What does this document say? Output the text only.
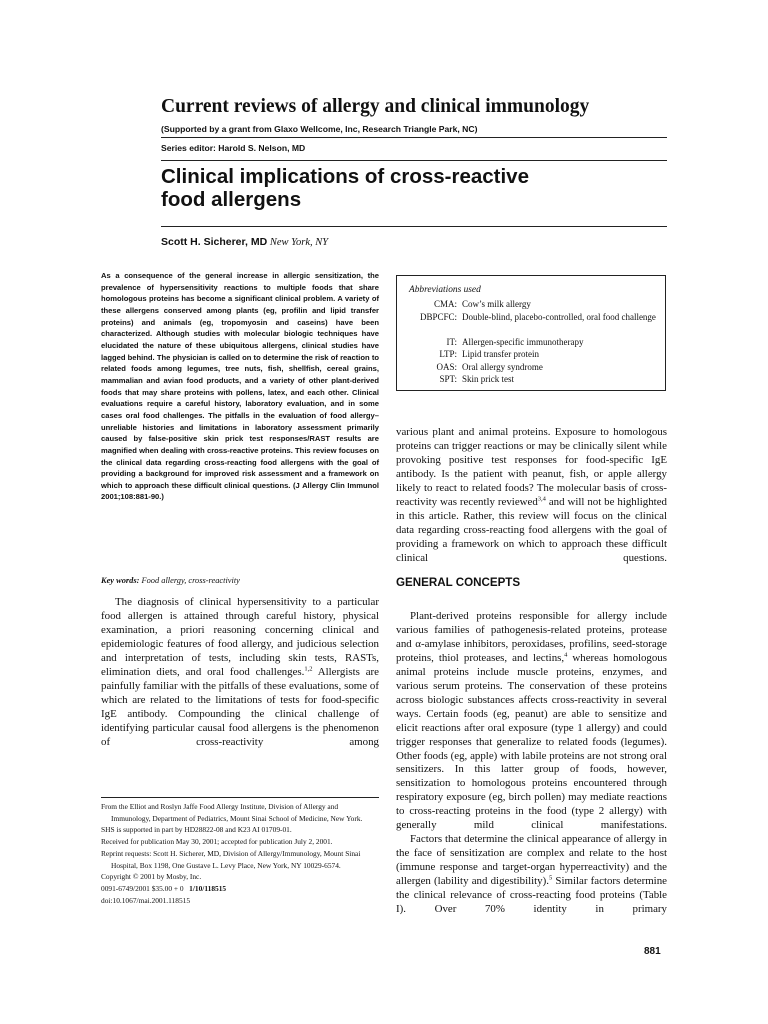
Current reviews of allergy and clinical immunology
(Supported by a grant from Glaxo Wellcome, Inc, Research Triangle Park, NC)
Series editor: Harold S. Nelson, MD
Clinical implications of cross-reactive
food allergens
Scott H. Sicherer, MD New York, NY
As a consequence of the general increase in allergic sensitization, the prevalence of hypersensitivity reactions to multiple foods that share homologous proteins has become a significant clinical problem. A variety of these allergens conserved among plants (eg, profilin and lipid transfer proteins) and animals (eg, tropomyosin and caseins) have been characterized. Although studies with molecular biologic techniques have elucidated the nature of these ubiquitous allergens, clinical studies have lagged behind. The physician is called on to determine the risk of reaction to related foods among legumes, tree nuts, fish, shellfish, cereal grains, mammalian and avian food products, and a variety of other plant-derived foods that may share proteins with pollens, latex, and each other. Clinical evaluations require a careful history, laboratory evaluation, and in some cases oral food challenges. The pitfalls in the evaluation of food allergy–unreliable histories and limitations in laboratory assessment primarily caused by false-positive skin prick test responses/RAST results are magnified when dealing with cross-reactive proteins. This review focuses on the clinical data regarding cross-reacting food allergens with the goal of providing a background for improved risk assessment and a framework on which to approach these difficult clinical questions. (J Allergy Clin Immunol 2001;108:881-90.)
Key words: Food allergy, cross-reactivity

The diagnosis of clinical hypersensitivity to a particular food allergen is attained through careful history, physical examination, a priori reasoning concerning clinical and epidemiologic features of food allergy, and judicious selection and interpretation of tests, including skin tests, RASTs, elimination diets, and oral food challenges.$^{1,2}$ Allergists are painfully familiar with the pitfalls of these evaluations, some of which are related to the limitations of tests for food-specific IgE antibody. Compounding the clinical challenge of identifying particular causal food allergens is the phenomenon of cross-reactivity among

From the Elliot and Roslyn Jaffe Food Allergy Institute, Division of Allergy and Immunology, Department of Pediatrics, Mount Sinai School of Medicine, New York.
SHS is supported in part by HD28822-08 and K23 AI 01709-01.
Received for publication May 30, 2001; accepted for publication July 2, 2001.
Reprint requests: Scott H. Sicherer, MD, Division of Allergy/Immunology, Mount Sinai Hospital, Box 1198, One Gustave L. Levy Place, New York, NY 10029-6574.
Copyright © 2001 by Mosby, Inc.
0091-6749/2001 $35.00 + 0 1/10/118515
doi:10.1067/mai.2001.118515
Abbreviations used
CMA: Cow’s milk allergy
DBPCFC: Double-blind, placebo-controlled, oral food challenge
IT: Allergen-specific immunotherapy
LTP: Lipid transfer protein
OAS: Oral allergy syndrome
SPT: Skin prick test

various plant and animal proteins. Exposure to homologous proteins can trigger reactions or may be clinically silent while provoking positive test responses for food-specific IgE antibody. Is the patient with peanut, fish, or apple allergy likely to react to related foods? The molecular basis of cross-reactivity was recently reviewed$^{3,4}$ and will not be highlighted in this article. Rather, this review will focus on the clinical data regarding cross-reacting food allergens with the goal of providing a framework on which to approach these difficult clinical questions.

GENERAL CONCEPTS

Plant-derived proteins responsible for allergy include various families of pathogenesis-related proteins, protease and α-amylase inhibitors, peroxidases, profilins, seed-storage proteins, thiol proteases, and lectins,$^4$ whereas homologous animal proteins include muscle proteins, enzymes, and various serum proteins. The conservation of these proteins across biologic substances affects cross-reactivity in several ways. Certain foods (eg, peanut) are able to sensitize and elicit reactions after oral exposure (type 1 allergy) and could trigger responses that generalize to related foods (legumes). Other foods (eg, apple) with labile proteins are not strong oral sensitizers. In this latter group of foods, however, sensitization to homologous proteins encountered through respiratory exposure (eg, birch pollen) may mediate reactions to cross-reacting proteins in the food (type 2 allergy) with generally mild clinical manifestations.

Factors that determine the clinical appearance of allergy in the face of sensitization are complex and relate to the host (immune response and target-organ hyperreactivity) and the allergen (lability and digestibility).$^5$ Similar factors determine the clinical relevance of cross-reacting food proteins (Table I). Over 70% identity in primary

881
